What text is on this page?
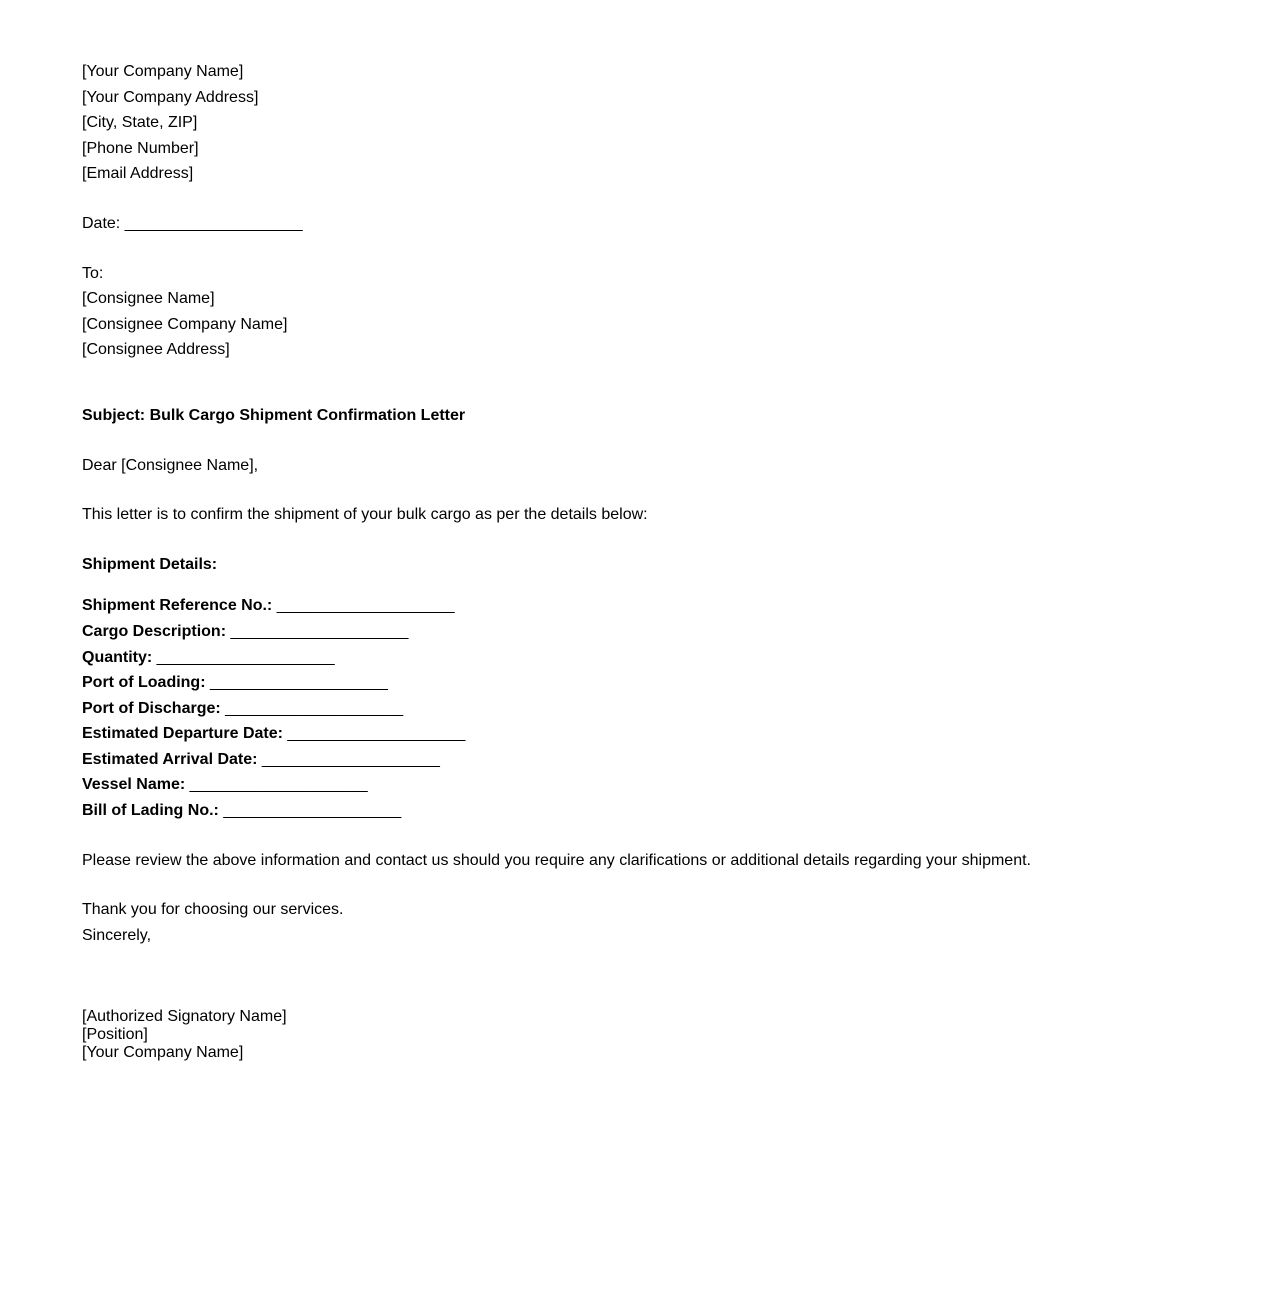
[Your Company Name]
[Your Company Address]
[City, State, ZIP]
[Phone Number]
[Email Address]
Date: ____________________
To:
[Consignee Name]
[Consignee Company Name]
[Consignee Address]
Subject: Bulk Cargo Shipment Confirmation Letter
Dear [Consignee Name],
This letter is to confirm the shipment of your bulk cargo as per the details below:
Shipment Details:
Shipment Reference No.: ____________________
Cargo Description: ____________________
Quantity: ____________________
Port of Loading: ____________________
Port of Discharge: ____________________
Estimated Departure Date: ____________________
Estimated Arrival Date: ____________________
Vessel Name: ____________________
Bill of Lading No.: ____________________
Please review the above information and contact us should you require any clarifications or additional details regarding your shipment.
Thank you for choosing our services.
Sincerely,
[Authorized Signatory Name]
[Position]
[Your Company Name]
